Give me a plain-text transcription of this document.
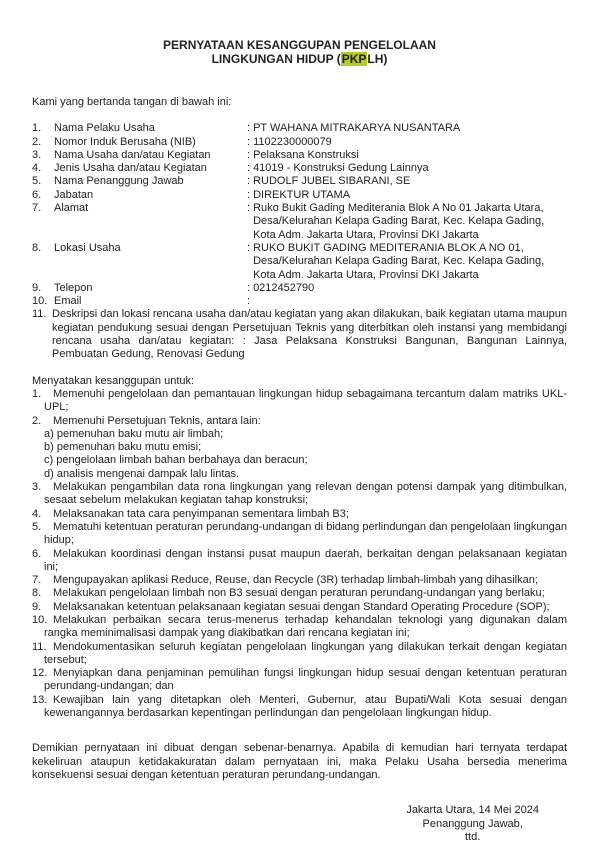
PERNYATAAN KESANGGUPAN PENGELOLAAN
LINGKUNGAN HIDUP (PKPLH)
Kami yang bertanda tangan di bawah ini:
1.	Nama Pelaku Usaha	: PT WAHANA MITRAKARYA NUSANTARA
2.	Nomor Induk Berusaha (NIB)	: 1102230000079
3.	Nama Usaha dan/atau Kegiatan	: Pelaksana Konstruksi
4.	Jenis Usaha dan/atau Kegiatan	: 41019 - Konstruksi Gedung Lainnya
5.	Nama Penanggung Jawab	: RUDOLF JUBEL SIBARANI, SE
6.	Jabatan	: DIREKTUR UTAMA
7.	Alamat	: Ruko Bukit Gading Mediterania Blok A No 01 Jakarta Utara, Desa/Kelurahan Kelapa Gading Barat, Kec. Kelapa Gading, Kota Adm. Jakarta Utara, Provinsi DKI Jakarta
8.	Lokasi Usaha	: RUKO BUKIT GADING MEDITERANIA BLOK A NO 01, Desa/Kelurahan Kelapa Gading Barat, Kec. Kelapa Gading, Kota Adm. Jakarta Utara, Provinsi DKI Jakarta
9.	Telepon	: 0212452790
10. Email	:
11. Deskripsi dan lokasi rencana usaha dan/atau kegiatan yang akan dilakukan, baik kegiatan utama maupun kegiatan pendukung sesuai dengan Persetujuan Teknis yang diterbitkan oleh instansi yang membidangi rencana usaha dan/atau kegiatan: : Jasa Pelaksana Konstruksi Bangunan, Bangunan Lainnya, Pembuatan Gedung, Renovasi Gedung
Menyatakan kesanggupan untuk:
1. Memenuhi pengelolaan dan pemantauan lingkungan hidup sebagaimana tercantum dalam matriks UKL-UPL;
2. Memenuhi Persetujuan Teknis, antara lain:
a) pemenuhan baku mutu air limbah;
b) pemenuhan baku mutu emisi;
c) pengelolaan limbah bahan berbahaya dan beracun;
d) analisis mengenai dampak lalu lintas.
3. Melakukan pengambilan data rona lingkungan yang relevan dengan potensi dampak yang ditimbulkan, sesaat sebelum melakukan kegiatan tahap konstruksi;
4. Melaksanakan tata cara penyimpanan sementara limbah B3;
5. Mematuhi ketentuan peraturan perundang-undangan di bidang perlindungan dan pengelolaan lingkungan hidup;
6. Melakukan koordinasi dengan instansi pusat maupun daerah, berkaitan dengan pelaksanaan kegiatan ini;
7. Mengupayakan aplikasi Reduce, Reuse, dan Recycle (3R) terhadap limbah-limbah yang dihasilkan;
8. Melakukan pengelolaan limbah non B3 sesuai dengan peraturan perundang-undangan yang berlaku;
9. Melaksanakan ketentuan pelaksanaan kegiatan sesuai dengan Standard Operating Procedure (SOP);
10. Melakukan perbaikan secara terus-menerus terhadap kehandalan teknologi yang digunakan dalam rangka meminimalisasi dampak yang diakibatkan dari rencana kegiatan ini;
11. Mendokumentasikan seluruh kegiatan pengelolaan lingkungan yang dilakukan terkait dengan kegiatan tersebut;
12. Menyiapkan dana penjaminan pemulihan fungsi lingkungan hidup sesuai dengan ketentuan peraturan perundang-undangan; dan
13. Kewajiban lain yang ditetapkan oleh Menteri, Gubernur, atau Bupati/Wali Kota sesuai dengan kewenangannya berdasarkan kepentingan perlindungan dan pengelolaan lingkungan hidup.
Demikian pernyataan ini dibuat dengan sebenar-benarnya. Apabila di kemudian hari ternyata terdapat kekeliruan ataupun ketidakakuratan dalam pernyataan ini, maka Pelaku Usaha bersedia menerima konsekuensi sesuai dengan ketentuan peraturan perundang-undangan.
Jakarta Utara, 14 Mei 2024
Penanggung Jawab,
ttd.
